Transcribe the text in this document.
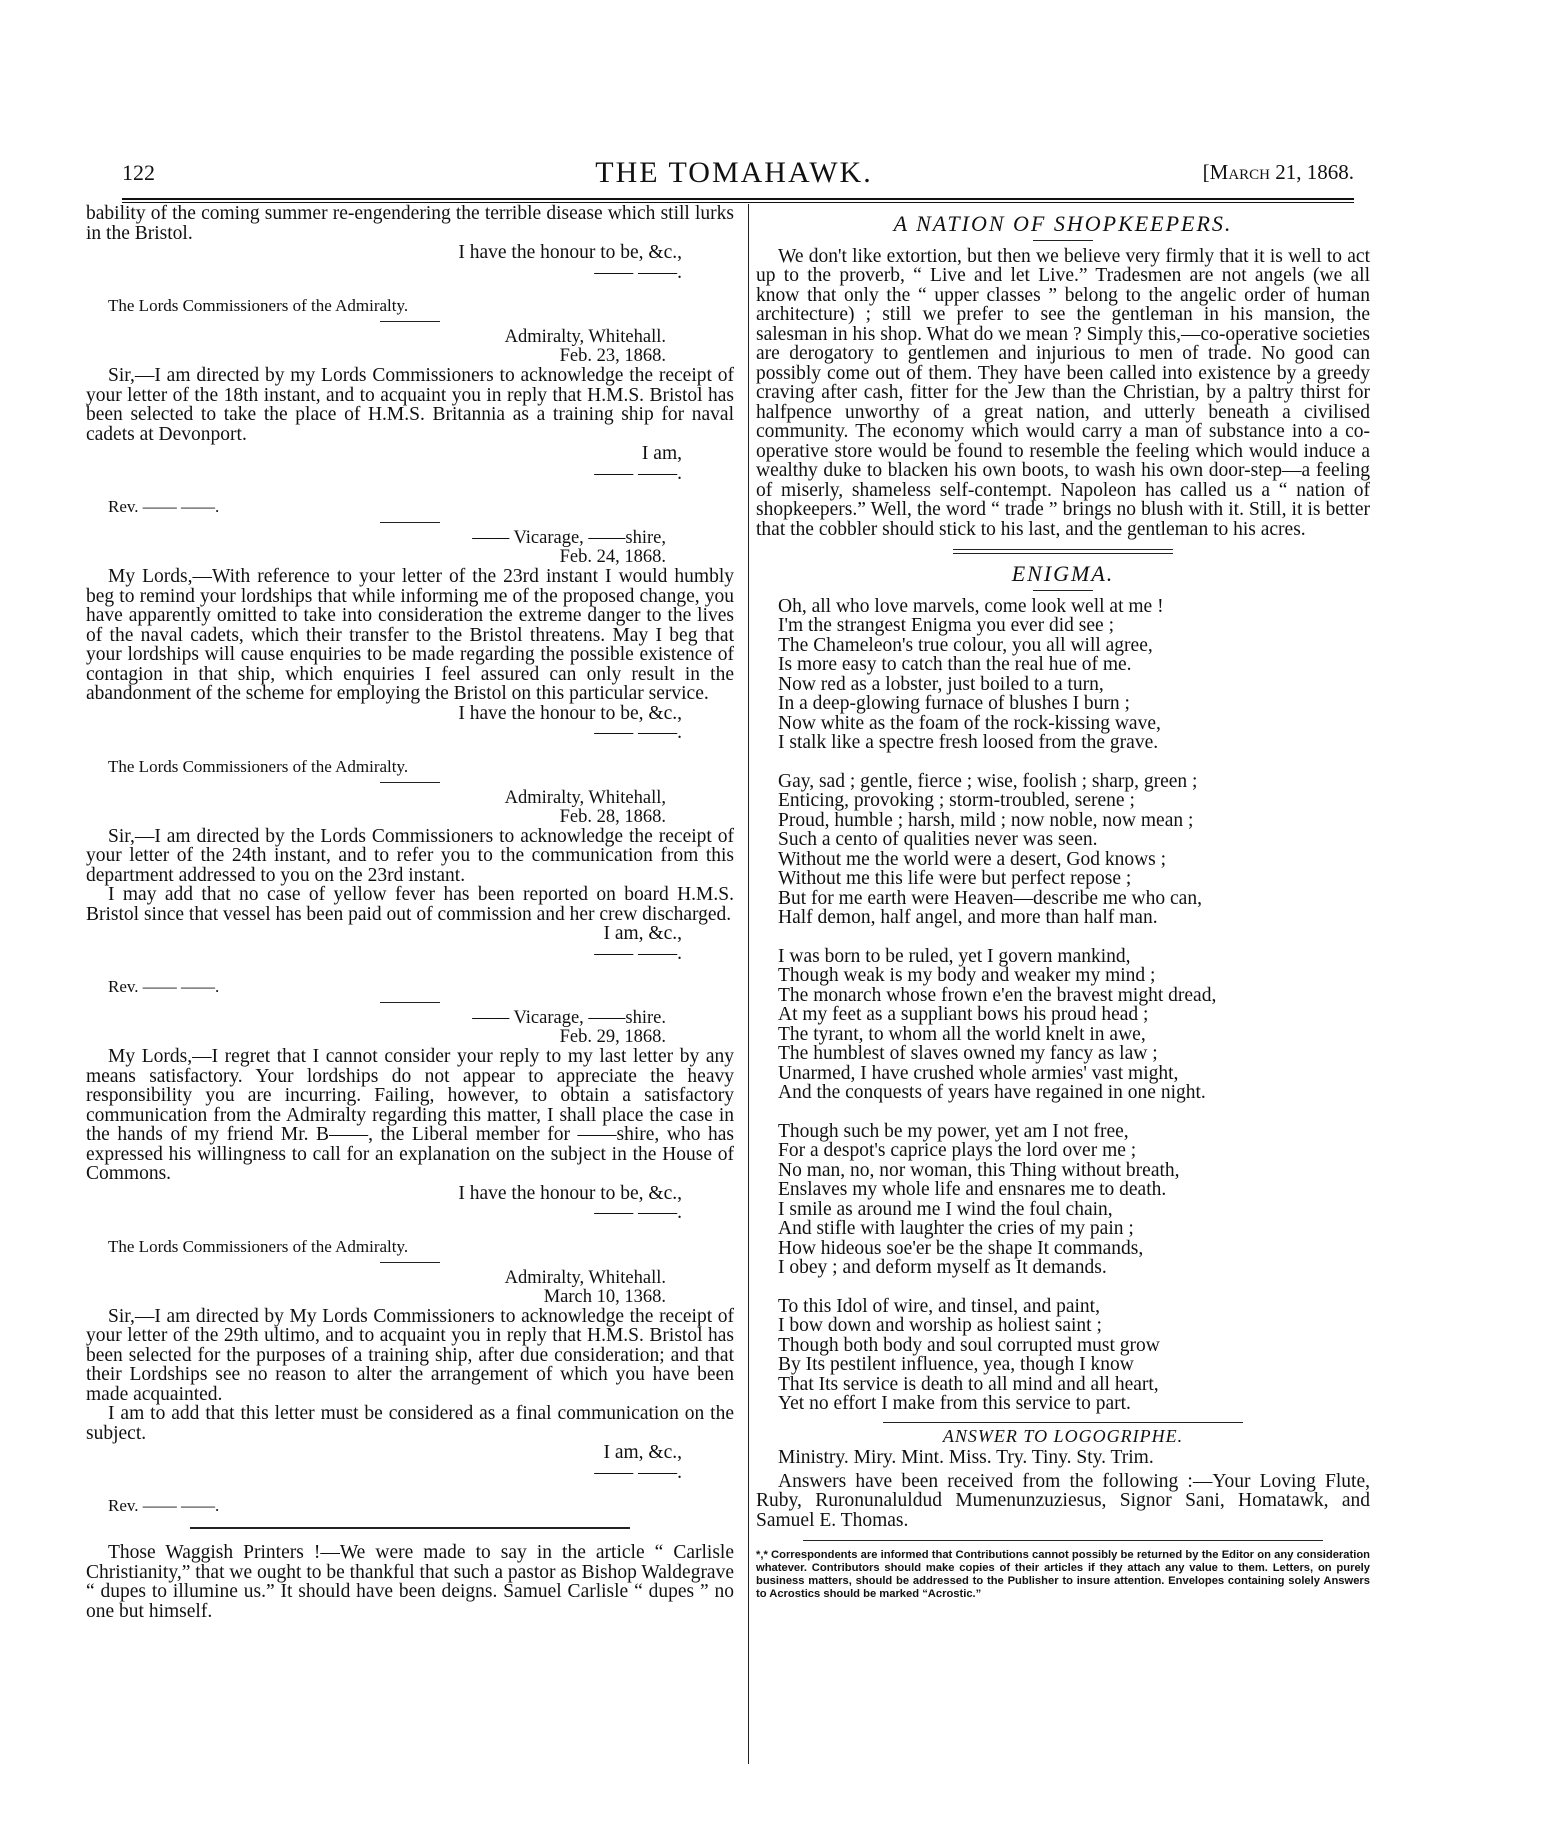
122	THE TOMAHAWK.	[March 21, 1868.

bability of the coming summer re-engendering the terrible disease which still lurks in the Bristol.

I have the honour to be, &c.,

—— ——.

The Lords Commissioners of the Admiralty.

Admiralty, Whitehall.

Feb. 23, 1868.

Sir,—I am directed by my Lords Commissioners to acknowledge the receipt of your letter of the 18th instant, and to acquaint you in reply that H.M.S. Bristol has been selected to take the place of H.M.S. Britannia as a training ship for naval cadets at Devonport.

I am,

—— ——.

Rev. —— ——.

—— Vicarage, ——shire,

Feb. 24, 1868.

My Lords,—With reference to your letter of the 23rd instant I would humbly beg to remind your lordships that while informing me of the proposed change, you have apparently omitted to take into consideration the extreme danger to the lives of the naval cadets, which their transfer to the Bristol threatens. May I beg that your lordships will cause enquiries to be made regarding the possible existence of contagion in that ship, which enquiries I feel assured can only result in the abandonment of the scheme for employing the Bristol on this particular service.

I have the honour to be, &c.,

—— ——.

The Lords Commissioners of the Admiralty.

Admiralty, Whitehall,

Feb. 28, 1868.

Sir,—I am directed by the Lords Commissioners to acknowledge the receipt of your letter of the 24th instant, and to refer you to the communication from this department addressed to you on the 23rd instant.

I may add that no case of yellow fever has been reported on board H.M.S. Bristol since that vessel has been paid out of commission and her crew discharged.

I am, &c.,

—— ——.

Rev. —— ——.

—— Vicarage, ——shire.

Feb. 29, 1868.

My Lords,—I regret that I cannot consider your reply to my last letter by any means satisfactory. Your lordships do not appear to appreciate the heavy responsibility you are incurring. Failing, however, to obtain a satisfactory communication from the Admiralty regarding this matter, I shall place the case in the hands of my friend Mr. B——, the Liberal member for ——shire, who has expressed his willingness to call for an explanation on the subject in the House of Commons.

I have the honour to be, &c.,

—— ——.

The Lords Commissioners of the Admiralty.

Admiralty, Whitehall.

March 10, 1368.

Sir,—I am directed by My Lords Commissioners to acknowledge the receipt of your letter of the 29th ultimo, and to acquaint you in reply that H.M.S. Bristol has been selected for the purposes of a training ship, after due consideration; and that their Lordships see no reason to alter the arrangement of which you have been made acquainted.

I am to add that this letter must be considered as a final communication on the subject.

I am, &c.,

—— ——.

Rev. —— ——.

Those Waggish Printers !—We were made to say in the article “ Carlisle Christianity,” that we ought to be thankful that such a pastor as Bishop Waldegrave “ dupes to illumine us.” It should have been deigns. Samuel Carlisle “ dupes ” no one but himself.

A NATION OF SHOPKEEPERS.

We don't like extortion, but then we believe very firmly that it is well to act up to the proverb, “ Live and let Live.” Tradesmen are not angels (we all know that only the “ upper classes ” belong to the angelic order of human architecture) ; still we prefer to see the gentleman in his mansion, the salesman in his shop. What do we mean ? Simply this,—co-operative societies are derogatory to gentlemen and injurious to men of trade. No good can possibly come out of them. They have been called into existence by a greedy craving after cash, fitter for the Jew than the Christian, by a paltry thirst for halfpence unworthy of a great nation, and utterly beneath a civilised community. The economy which would carry a man of substance into a co-operative store would be found to resemble the feeling which would induce a wealthy duke to blacken his own boots, to wash his own door-step—a feeling of miserly, shameless self-contempt. Napoleon has called us a “ nation of shopkeepers.” Well, the word “ trade ” brings no blush with it. Still, it is better that the cobbler should stick to his last, and the gentleman to his acres.

ENIGMA.

Oh, all who love marvels, come look well at me !

I'm the strangest Enigma you ever did see ;

The Chameleon's true colour, you all will agree,

Is more easy to catch than the real hue of me.

Now red as a lobster, just boiled to a turn,

In a deep-glowing furnace of blushes I burn ;

Now white as the foam of the rock-kissing wave,

I stalk like a spectre fresh loosed from the grave.

Gay, sad ; gentle, fierce ; wise, foolish ; sharp, green ;

Enticing, provoking ; storm-troubled, serene ;

Proud, humble ; harsh, mild ; now noble, now mean ;

Such a cento of qualities never was seen.

Without me the world were a desert, God knows ;

Without me this life were but perfect repose ;

But for me earth were Heaven—describe me who can,

Half demon, half angel, and more than half man.

I was born to be ruled, yet I govern mankind,

Though weak is my body and weaker my mind ;

The monarch whose frown e'en the bravest might dread,

At my feet as a suppliant bows his proud head ;

The tyrant, to whom all the world knelt in awe,

The humblest of slaves owned my fancy as law ;

Unarmed, I have crushed whole armies' vast might,

And the conquests of years have regained in one night.

Though such be my power, yet am I not free,

For a despot's caprice plays the lord over me ;

No man, no, nor woman, this Thing without breath,

Enslaves my whole life and ensnares me to death.

I smile as around me I wind the foul chain,

And stifle with laughter the cries of my pain ;

How hideous soe'er be the shape It commands,

I obey ; and deform myself as It demands.

To this Idol of wire, and tinsel, and paint,

I bow down and worship as holiest saint ;

Though both body and soul corrupted must grow

By Its pestilent influence, yea, though I know

That Its service is death to all mind and all heart,

Yet no effort I make from this service to part.

ANSWER TO LOGOGRIPHE.

Ministry. Miry. Mint. Miss. Try. Tiny. Sty. Trim.

Answers have been received from the following :—Your Loving Flute, Ruby, Ruronunaluldud Mumenunzuziesus, Signor Sani, Homatawk, and Samuel E. Thomas.

*,* Correspondents are informed that Contributions cannot possibly be returned by the Editor on any consideration whatever. Contributors should make copies of their articles if they attach any value to them. Letters, on purely business matters, should be addressed to the Publisher to insure attention. Envelopes containing solely Answers to Acrostics should be marked “Acrostic.”
